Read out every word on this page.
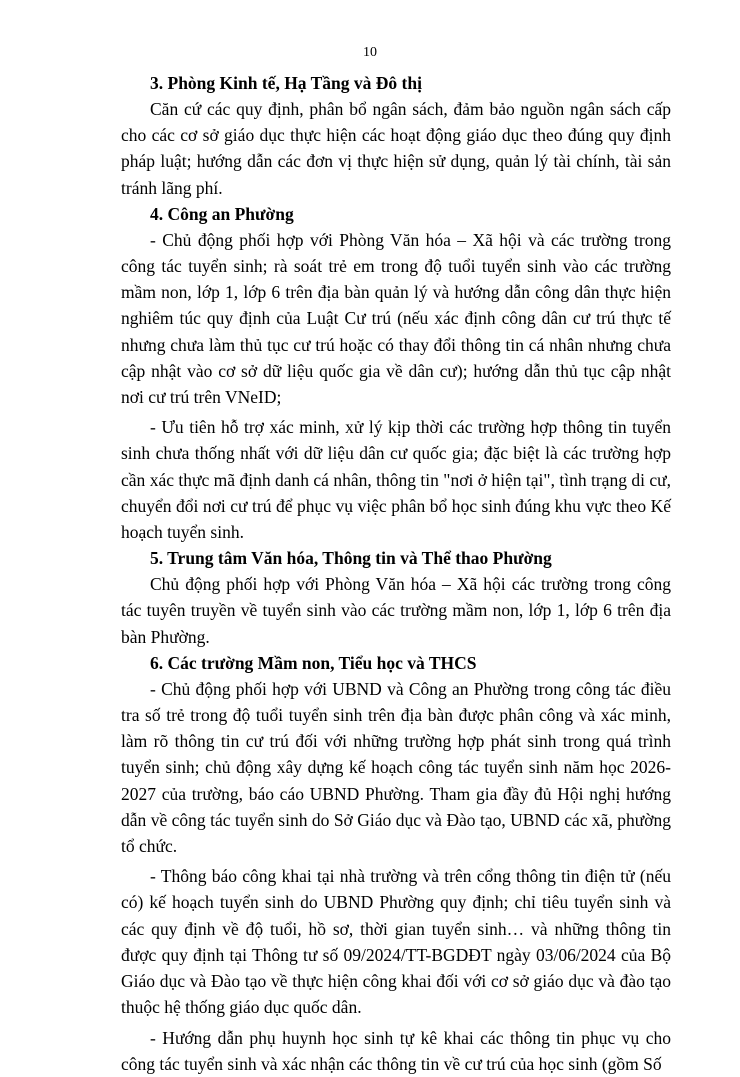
10

3. Phòng Kinh tế, Hạ Tầng và Đô thị

Căn cứ các quy định, phân bổ ngân sách, đảm bảo nguồn ngân sách cấp cho các cơ sở giáo dục thực hiện các hoạt động giáo dục theo đúng quy định pháp luật; hướng dẫn các đơn vị thực hiện sử dụng, quản lý tài chính, tài sản tránh lãng phí.

4. Công an Phường

- Chủ động phối hợp với Phòng Văn hóa – Xã hội và các trường trong công tác tuyển sinh; rà soát trẻ em trong độ tuổi tuyển sinh vào các trường mầm non, lớp 1, lớp 6 trên địa bàn quản lý và hướng dẫn công dân thực hiện nghiêm túc quy định của Luật Cư trú (nếu xác định công dân cư trú thực tế nhưng chưa làm thủ tục cư trú hoặc có thay đổi thông tin cá nhân nhưng chưa cập nhật vào cơ sở dữ liệu quốc gia về dân cư); hướng dẫn thủ tục cập nhật nơi cư trú trên VNeID;

- Ưu tiên hỗ trợ xác minh, xử lý kịp thời các trường hợp thông tin tuyển sinh chưa thống nhất với dữ liệu dân cư quốc gia; đặc biệt là các trường hợp cần xác thực mã định danh cá nhân, thông tin "nơi ở hiện tại", tình trạng di cư, chuyển đổi nơi cư trú để phục vụ việc phân bổ học sinh đúng khu vực theo Kế hoạch tuyển sinh.

5. Trung tâm Văn hóa, Thông tin và Thể thao Phường

Chủ động phối hợp với Phòng Văn hóa – Xã hội các trường trong công tác tuyên truyền về tuyển sinh vào các trường mầm non, lớp 1, lớp 6 trên địa bàn Phường.

6. Các trường Mầm non, Tiểu học và THCS

- Chủ động phối hợp với UBND và Công an Phường trong công tác điều tra số trẻ trong độ tuổi tuyển sinh trên địa bàn được phân công và xác minh, làm rõ thông tin cư trú đối với những trường hợp phát sinh trong quá trình tuyển sinh; chủ động xây dựng kế hoạch công tác tuyển sinh năm học 2026-2027 của trường, báo cáo UBND Phường. Tham gia đầy đủ Hội nghị hướng dẫn về công tác tuyển sinh do Sở Giáo dục và Đào tạo, UBND các xã, phường tổ chức.

- Thông báo công khai tại nhà trường và trên cổng thông tin điện tử (nếu có) kế hoạch tuyển sinh do UBND Phường quy định; chỉ tiêu tuyển sinh và các quy định về độ tuổi, hồ sơ, thời gian tuyển sinh… và những thông tin được quy định tại Thông tư số 09/2024/TT-BGDĐT ngày 03/06/2024 của Bộ Giáo dục và Đào tạo về thực hiện công khai đối với cơ sở giáo dục và đào tạo thuộc hệ thống giáo dục quốc dân.

- Hướng dẫn phụ huynh học sinh tự kê khai các thông tin phục vụ cho công tác tuyển sinh và xác nhận các thông tin về cư trú của học sinh (gồm Số
